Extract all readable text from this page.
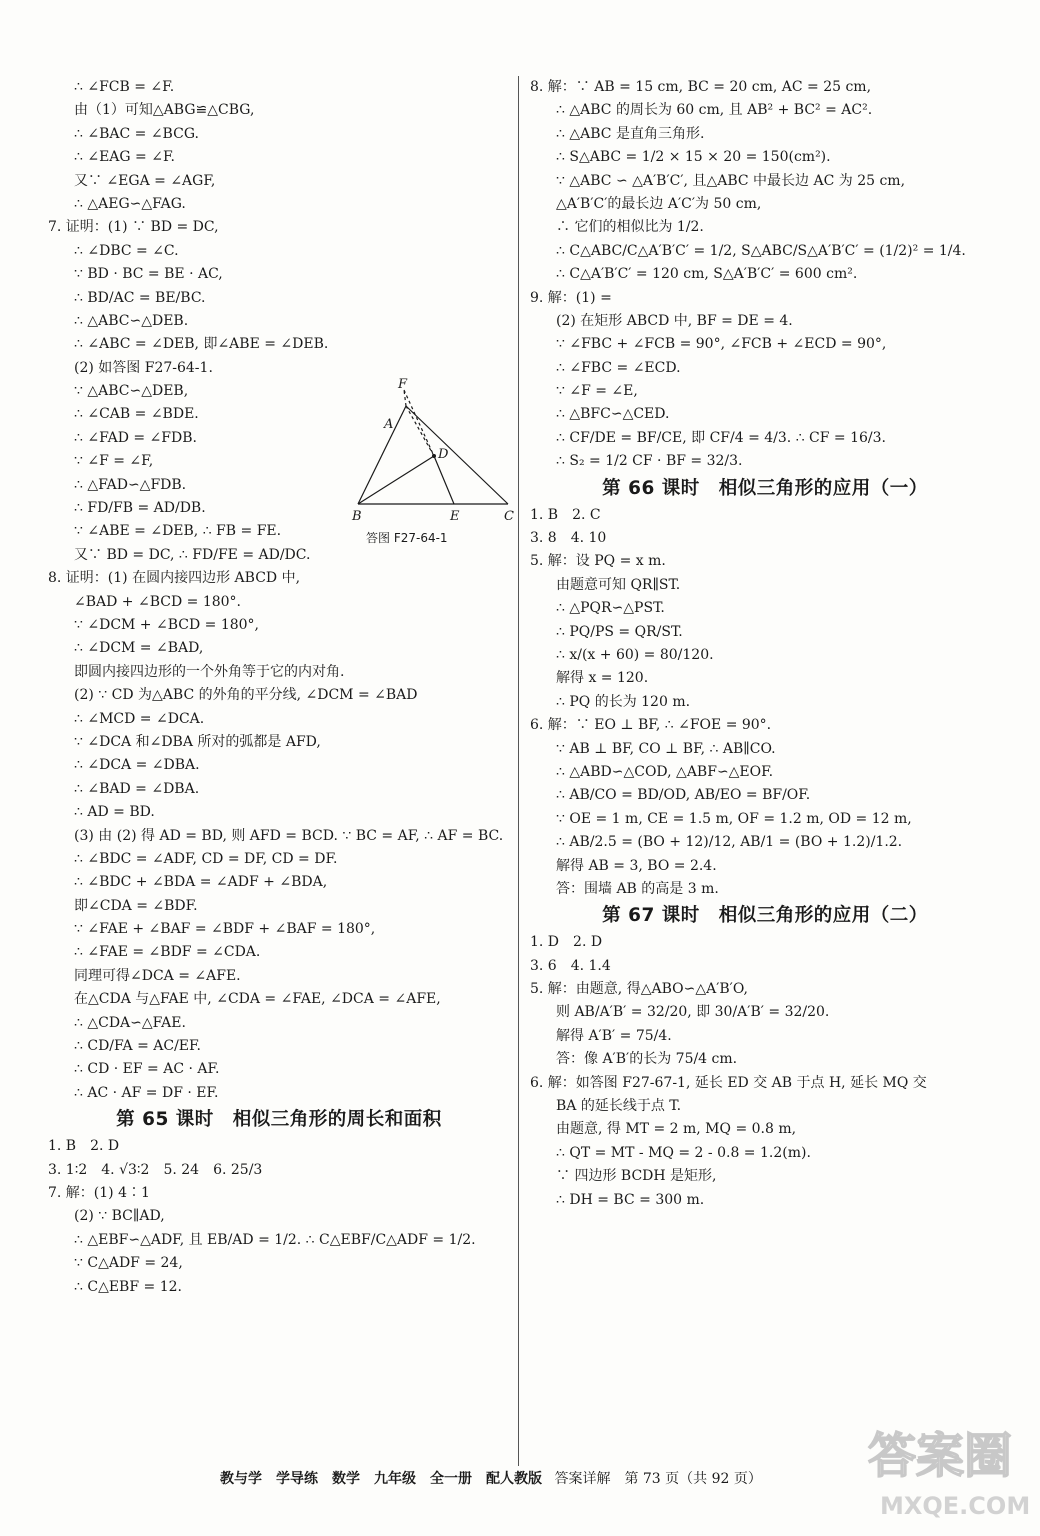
∴ ∠FCB = ∠F.
由（1）可知△ABG≌△CBG,
∴ ∠BAC = ∠BCG.
∴ ∠EAG = ∠F.
又∵ ∠EGA = ∠AGF,
∴ △AEG∽△FAG.
7. 证明：(1) ∵ BD = DC,
∴ ∠DBC = ∠C.
∵ BD · BC = BE · AC,
∴ BD/AC = BE/BC.
∴ △ABC∽△DEB.
∴ ∠ABC = ∠DEB, 即∠ABE = ∠DEB.
(2) 如答图 F27-64-1.
∵ △ABC∽△DEB,
∴ ∠CAB = ∠BDE.
∴ ∠FAD = ∠FDB.
∵ ∠F = ∠F,
∴ △FAD∽△FDB.
∴ FD/FB = AD/DB.
∵ ∠ABE = ∠DEB, ∴ FB = FE.
又∵ BD = DC, ∴ FD/FE = AD/DC.
8. 证明：(1) 在圆内接四边形 ABCD 中,
∠BAD + ∠BCD = 180°.
∵ ∠DCM + ∠BCD = 180°,
∴ ∠DCM = ∠BAD,
即圆内接四边形的一个外角等于它的内对角.
(2) ∵ CD 为△ABC 的外角的平分线, ∠DCM = ∠BAD
∴ ∠MCD = ∠DCA.
∵ ∠DCA 和∠DBA 所对的弧都是 AFD,
∴ ∠DCA = ∠DBA.
∴ ∠BAD = ∠DBA.
∴ AD = BD.
(3) 由 (2) 得 AD = BD, 则 AFD = BCD. ∵ BC = AF, ∴ AF = BC.
∴ ∠BDC = ∠ADF, CD = DF, CD = DF.
∴ ∠BDC + ∠BDA = ∠ADF + ∠BDA,
即∠CDA = ∠BDF.
∵ ∠FAE + ∠BAF = ∠BDF + ∠BAF = 180°,
∴ ∠FAE = ∠BDF = ∠CDA.
同理可得∠DCA = ∠AFE.
在△CDA 与△FAE 中, ∠CDA = ∠FAE, ∠DCA = ∠AFE,
∴ △CDA∽△FAE.
∴ CD/FA = AC/EF.
∴ CD · EF = AC · AF.
∴ AC · AF = DF · EF.
第 65 课时　相似三角形的周长和面积
1. B　2. D
3. 1∶2　4. √3∶2　5. 24　6. 25/3
7. 解：(1) 4∶1
(2) ∵ BC∥AD,
∴ △EBF∽△ADF, 且 EB/AD = 1/2. ∴ C△EBF/C△ADF = 1/2.
∵ C△ADF = 24,
∴ C△EBF = 12.
8. 解：∵ AB = 15 cm, BC = 20 cm, AC = 25 cm,
∴ △ABC 的周长为 60 cm, 且 AB² + BC² = AC².
∴ △ABC 是直角三角形.
∴ S△ABC = 1/2 × 15 × 20 = 150(cm²).
∵ △ABC ∽ △A′B′C′, 且△ABC 中最长边 AC 为 25 cm,
△A′B′C′的最长边 A′C′为 50 cm,
∴ 它们的相似比为 1/2.
∴ C△ABC/C△A′B′C′ = 1/2, S△ABC/S△A′B′C′ = (1/2)² = 1/4.
∴ C△A′B′C′ = 120 cm, S△A′B′C′ = 600 cm².
9. 解：(1) =
(2) 在矩形 ABCD 中, BF = DE = 4.
∵ ∠FBC + ∠FCB = 90°, ∠FCB + ∠ECD = 90°,
∴ ∠FBC = ∠ECD.
∵ ∠F = ∠E,
∴ △BFC∽△CED.
∴ CF/DE = BF/CE, 即 CF/4 = 4/3. ∴ CF = 16/3.
∴ S₂ = 1/2 CF · BF = 32/3.
第 66 课时　相似三角形的应用（一）
1. B　2. C
3. 8　4. 10
5. 解：设 PQ = x m.
由题意可知 QR∥ST.
∴ △PQR∽△PST.
∴ PQ/PS = QR/ST.
∴ x/(x + 60) = 80/120.
解得 x = 120.
∴ PQ 的长为 120 m.
6. 解：∵ EO ⊥ BF, ∴ ∠FOE = 90°.
∵ AB ⊥ BF, CO ⊥ BF, ∴ AB∥CO.
∴ △ABD∽△COD, △ABF∽△EOF.
∴ AB/CO = BD/OD, AB/EO = BF/OF.
∵ OE = 1 m, CE = 1.5 m, OF = 1.2 m, OD = 12 m,
∴ AB/2.5 = (BO + 12)/12, AB/1 = (BO + 1.2)/1.2.
解得 AB = 3, BO = 2.4.
答：围墙 AB 的高是 3 m.
第 67 课时　相似三角形的应用（二）
1. D　2. D
3. 6　4. 1.4
5. 解：由题意, 得△ABO∽△A′B′O,
则 AB/A′B′ = 32/20, 即 30/A′B′ = 32/20.
解得 A′B′ = 75/4.
答：像 A′B′的长为 75/4 cm.
6. 解：如答图 F27-67-1, 延长 ED 交 AB 于点 H, 延长 MQ 交
BA 的延长线于点 T.
由题意, 得 MT = 2 m, MQ = 0.8 m,
∴ QT = MT - MQ = 2 - 0.8 = 1.2(m).
∵ 四边形 BCDH 是矩形,
∴ DH = BC = 300 m.
F
A
D
B	E	C
答图 F27-64-1
教与学　学导练　数学　九年级　全一册　配人教版 答案详解　第 73 页（共 92 页）	答案圈
MXQE.COM
